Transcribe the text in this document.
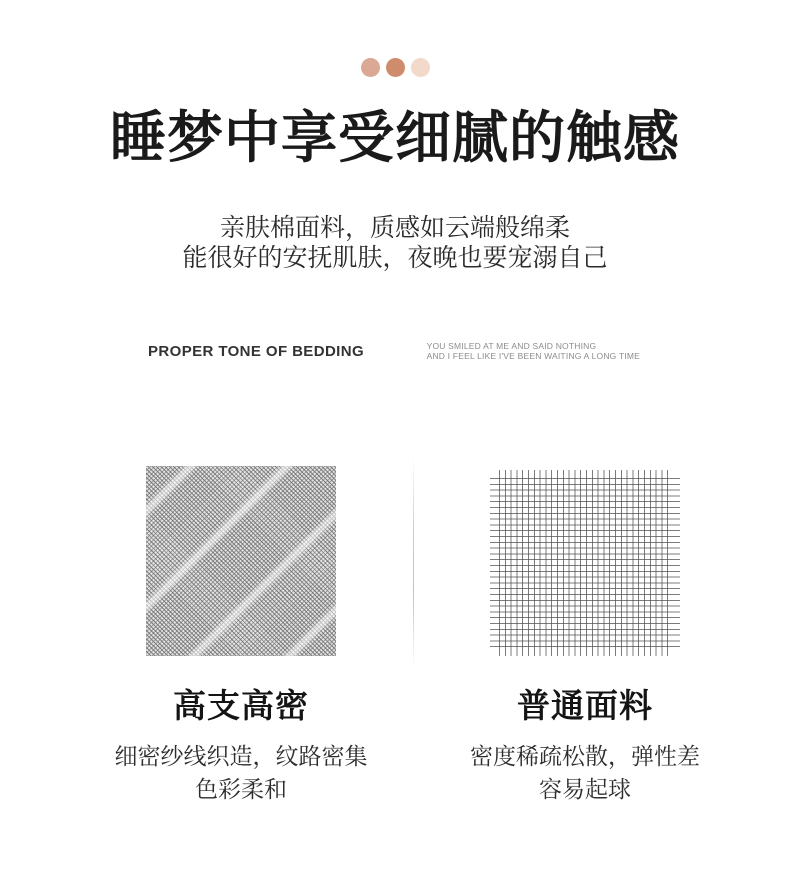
睡梦中享受细腻的触感
亲肤棉面料，质感如云端般绵柔
能很好的安抚肌肤，夜晚也要宠溺自己
PROPER TONE OF BEDDING	YOU SMILED AT ME AND SAID NOTHING
AND I FEEL LIKE I'VE BEEN WAITING A LONG TIME
高支高密	普通面料
细密纱线织造，纹路密集
色彩柔和
密度稀疏松散，弹性差
容易起球
